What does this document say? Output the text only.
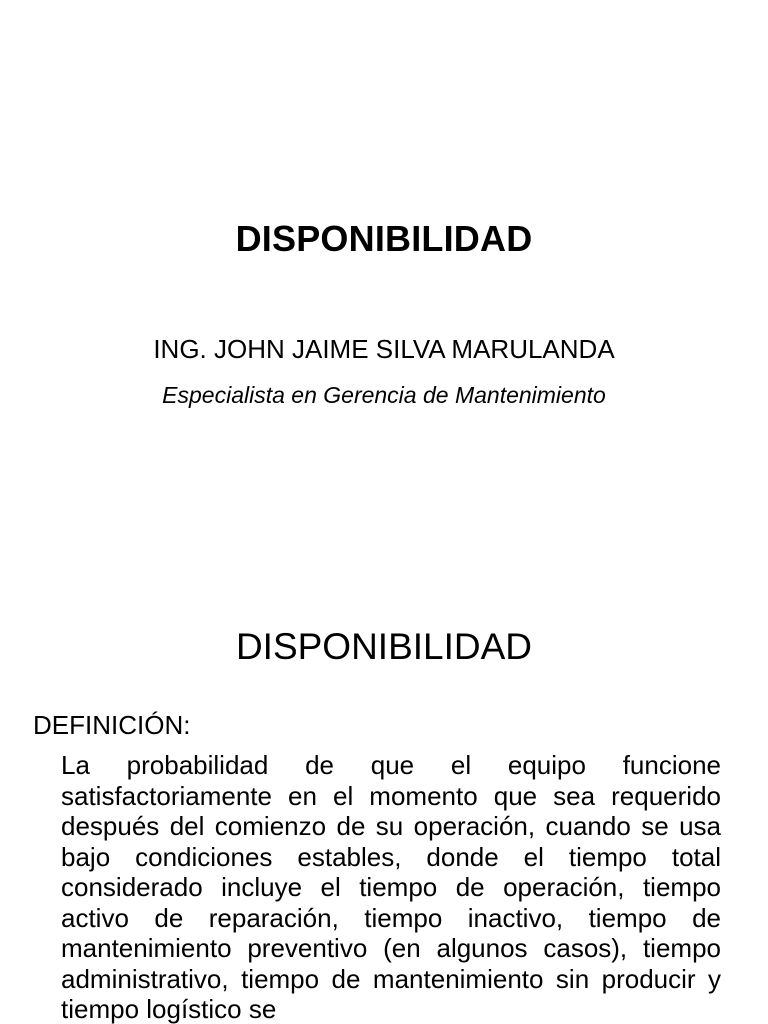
DISPONIBILIDAD
ING. JOHN JAIME SILVA MARULANDA
Especialista en Gerencia de Mantenimiento
DISPONIBILIDAD
DEFINICIÓN:
La probabilidad de que el equipo funcione satisfactoriamente en el momento que sea requerido después del comienzo de su operación, cuando se usa bajo condiciones estables, donde el tiempo total considerado incluye el tiempo de operación, tiempo activo de reparación, tiempo inactivo, tiempo de mantenimiento preventivo (en algunos casos), tiempo administrativo, tiempo de mantenimiento sin producir y tiempo logístico se
